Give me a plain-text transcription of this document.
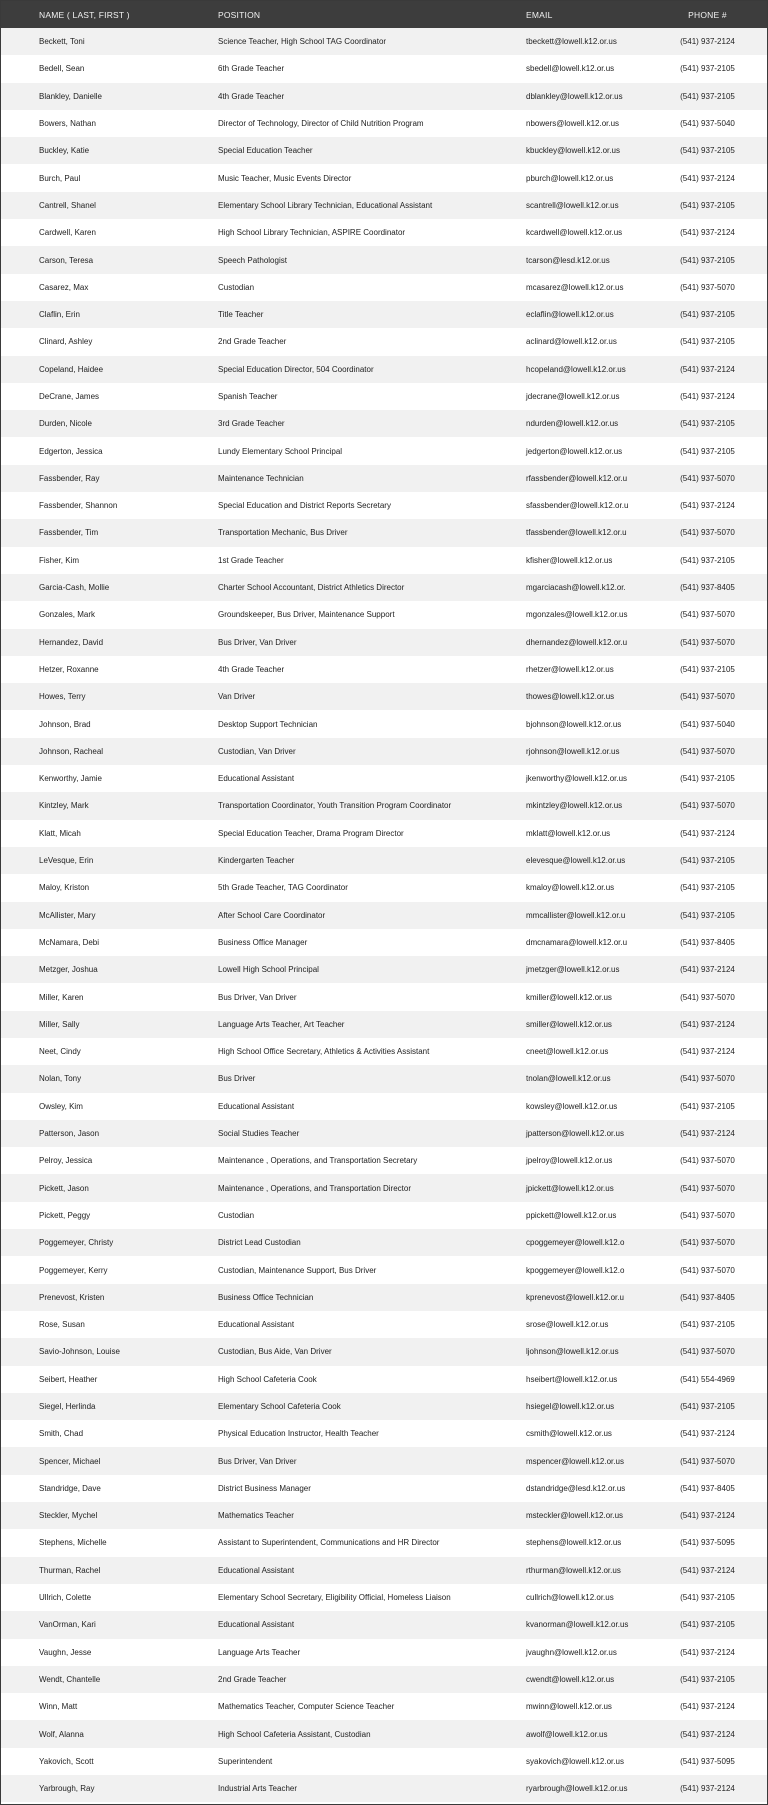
NAME ( LAST, FIRST )	POSITION	EMAIL	PHONE #
Beckett, Toni	Science Teacher, High School TAG Coordinator	tbeckett@lowell.k12.or.us	(541) 937-2124
Bedell, Sean	6th Grade Teacher	sbedell@lowell.k12.or.us	(541) 937-2105
Blankley, Danielle	4th Grade Teacher	dblankley@lowell.k12.or.us	(541) 937-2105
Bowers, Nathan	Director of Technology, Director of Child Nutrition Program	nbowers@lowell.k12.or.us	(541) 937-5040
Buckley, Katie	Special Education Teacher	kbuckley@lowell.k12.or.us	(541) 937-2105
Burch, Paul	Music Teacher, Music Events Director	pburch@lowell.k12.or.us	(541) 937-2124
Cantrell, Shanel	Elementary School Library Technician, Educational Assistant	scantrell@lowell.k12.or.us	(541) 937-2105
Cardwell, Karen	High School Library Technician, ASPIRE Coordinator	kcardwell@lowell.k12.or.us	(541) 937-2124
Carson, Teresa	Speech Pathologist	tcarson@lesd.k12.or.us	(541) 937-2105
Casarez, Max	Custodian	mcasarez@lowell.k12.or.us	(541) 937-5070
Claflin, Erin	Title Teacher	eclaflin@lowell.k12.or.us	(541) 937-2105
Clinard, Ashley	2nd Grade Teacher	aclinard@lowell.k12.or.us	(541) 937-2105
Copeland, Haidee	Special Education Director, 504 Coordinator	hcopeland@lowell.k12.or.us	(541) 937-2124
DeCrane, James	Spanish Teacher	jdecrane@lowell.k12.or.us	(541) 937-2124
Durden, Nicole	3rd Grade Teacher	ndurden@lowell.k12.or.us	(541) 937-2105
Edgerton, Jessica	Lundy Elementary School Principal	jedgerton@lowell.k12.or.us	(541) 937-2105
Fassbender, Ray	Maintenance Technician	rfassbender@lowell.k12.or.u	(541) 937-5070
Fassbender, Shannon	Special Education and District Reports Secretary	sfassbender@lowell.k12.or.u	(541) 937-2124
Fassbender, Tim	Transportation Mechanic, Bus Driver	tfassbender@lowell.k12.or.u	(541) 937-5070
Fisher, Kim	1st Grade Teacher	kfisher@lowell.k12.or.us	(541) 937-2105
Garcia-Cash, Mollie	Charter School Accountant, District Athletics Director	mgarciacash@lowell.k12.or.	(541) 937-8405
Gonzales, Mark	Groundskeeper, Bus Driver, Maintenance Support	mgonzales@lowell.k12.or.us	(541) 937-5070
Hernandez, David	Bus Driver, Van Driver	dhernandez@lowell.k12.or.u	(541) 937-5070
Hetzer, Roxanne	4th Grade Teacher	rhetzer@lowell.k12.or.us	(541) 937-2105
Howes, Terry	Van Driver	thowes@lowell.k12.or.us	(541) 937-5070
Johnson, Brad	Desktop Support Technician	bjohnson@lowell.k12.or.us	(541) 937-5040
Johnson, Racheal	Custodian, Van Driver	rjohnson@lowell.k12.or.us	(541) 937-5070
Kenworthy, Jamie	Educational Assistant	jkenworthy@lowell.k12.or.us	(541) 937-2105
Kintzley, Mark	Transportation Coordinator, Youth Transition Program Coordinator	mkintzley@lowell.k12.or.us	(541) 937-5070
Klatt, Micah	Special Education Teacher, Drama Program Director	mklatt@lowell.k12.or.us	(541) 937-2124
LeVesque, Erin	Kindergarten Teacher	elevesque@lowell.k12.or.us	(541) 937-2105
Maloy, Kriston	5th Grade Teacher, TAG Coordinator	kmaloy@lowell.k12.or.us	(541) 937-2105
McAllister, Mary	After School Care Coordinator	mmcallister@lowell.k12.or.u	(541) 937-2105
McNamara, Debi	Business Office Manager	dmcnamara@lowell.k12.or.u	(541) 937-8405
Metzger, Joshua	Lowell High School Principal	jmetzger@lowell.k12.or.us	(541) 937-2124
Miller, Karen	Bus Driver, Van Driver	kmiller@lowell.k12.or.us	(541) 937-5070
Miller, Sally	Language Arts Teacher, Art Teacher	smiller@lowell.k12.or.us	(541) 937-2124
Neet, Cindy	High School Office Secretary, Athletics & Activities Assistant	cneet@lowell.k12.or.us	(541) 937-2124
Nolan, Tony	Bus Driver	tnolan@lowell.k12.or.us	(541) 937-5070
Owsley, Kim	Educational Assistant	kowsley@lowell.k12.or.us	(541) 937-2105
Patterson, Jason	Social Studies Teacher	jpatterson@lowell.k12.or.us	(541) 937-2124
Pelroy, Jessica	Maintenance , Operations, and Transportation Secretary	jpelroy@lowell.k12.or.us	(541) 937-5070
Pickett, Jason	Maintenance , Operations, and Transportation Director	jpickett@lowell.k12.or.us	(541) 937-5070
Pickett, Peggy	Custodian	ppickett@lowell.k12.or.us	(541) 937-5070
Poggemeyer, Christy	District Lead Custodian	cpoggemeyer@lowell.k12.o	(541) 937-5070
Poggemeyer, Kerry	Custodian, Maintenance Support, Bus Driver	kpoggemeyer@lowell.k12.o	(541) 937-5070
Prenevost, Kristen	Business Office Technician	kprenevost@lowell.k12.or.u	(541) 937-8405
Rose, Susan	Educational Assistant	srose@lowell.k12.or.us	(541) 937-2105
Savio-Johnson, Louise	Custodian, Bus Aide, Van Driver	ljohnson@lowell.k12.or.us	(541) 937-5070
Seibert, Heather	High School Cafeteria Cook	hseibert@lowell.k12.or.us	(541) 554-4969
Siegel, Herlinda	Elementary School Cafeteria Cook	hsiegel@lowell.k12.or.us	(541) 937-2105
Smith, Chad	Physical Education Instructor, Health Teacher	csmith@lowell.k12.or.us	(541) 937-2124
Spencer, Michael	Bus Driver, Van Driver	mspencer@lowell.k12.or.us	(541) 937-5070
Standridge, Dave	District Business Manager	dstandridge@lesd.k12.or.us	(541) 937-8405
Steckler, Mychel	Mathematics Teacher	msteckler@lowell.k12.or.us	(541) 937-2124
Stephens, Michelle	Assistant to Superintendent, Communications and HR Director	stephens@lowell.k12.or.us	(541) 937-5095
Thurman, Rachel	Educational Assistant	rthurman@lowell.k12.or.us	(541) 937-2124
Ullrich, Colette	Elementary School Secretary, Eligibility Official, Homeless Liaison	cullrich@lowell.k12.or.us	(541) 937-2105
VanOrman, Kari	Educational Assistant	kvanorman@lowell.k12.or.us	(541) 937-2105
Vaughn, Jesse	Language Arts Teacher	jvaughn@lowell.k12.or.us	(541) 937-2124
Wendt, Chantelle	2nd Grade Teacher	cwendt@lowell.k12.or.us	(541) 937-2105
Winn, Matt	Mathematics Teacher, Computer Science Teacher	mwinn@lowell.k12.or.us	(541) 937-2124
Wolf, Alanna	High School Cafeteria Assistant, Custodian	awolf@lowell.k12.or.us	(541) 937-2124
Yakovich, Scott	Superintendent	syakovich@lowell.k12.or.us	(541) 937-5095
Yarbrough, Ray	Industrial Arts Teacher	ryarbrough@lowell.k12.or.us	(541) 937-2124
